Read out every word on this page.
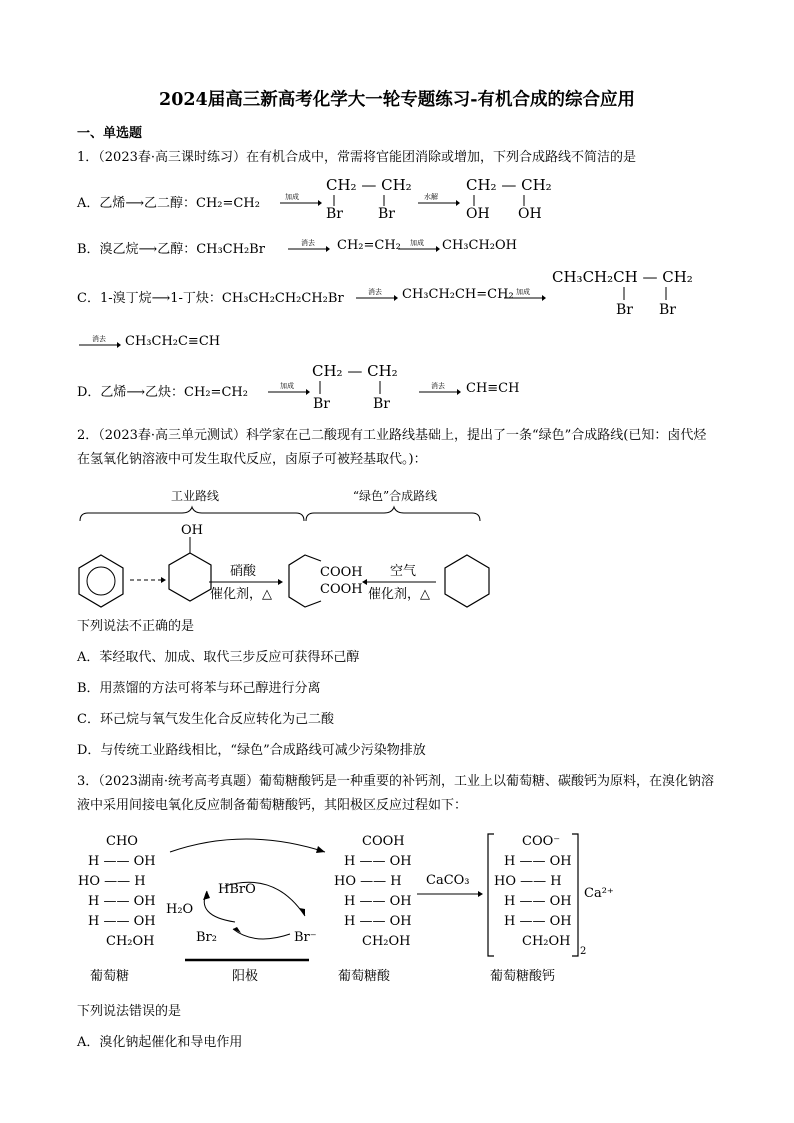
2024届高三新高考化学大一轮专题练习-有机合成的综合应用
一、单选题
1．（2023春·高三课时练习）在有机合成中，常需将官能团消除或增加，下列合成路线不简洁的是
A．乙烯⟶乙二醇：CH₂=CH₂	加成
CH₂ — CH₂
Br	Br
水解
CH₂ — CH₂
OH OH
B．溴乙烷⟶乙醇：CH₃CH₂Br	消去 CH₂=CH₂ 加成 CH₃CH₂OH
C．1-溴丁烷⟶1-丁炔：CH₃CH₂CH₂CH₂Br	消去 CH₃CH₂CH=CH₂ 加成
CH₃CH₂CH — CH₂
Br Br
消去 CH₃CH₂C≡CH
D．乙烯⟶乙炔：CH₂=CH₂	加成
CH₂ — CH₂
Br	Br
消去 CH≡CH
2．（2023春·高三单元测试）科学家在己二酸现有工业路线基础上，提出了一条“绿色”合成路线(已知：卤代烃在氢氧化钠溶液中可发生取代反应，卤原子可被羟基取代。)：
工业路线	“绿色”合成路线
OH
硝酸
催化剂，△
COOH
COOH
空气
催化剂，△
下列说法不正确的是
A．苯经取代、加成、取代三步反应可获得环己醇
B．用蒸馏的方法可将苯与环己醇进行分离
C．环己烷与氧气发生化合反应转化为己二酸
D．与传统工业路线相比，“绿色”合成路线可减少污染物排放
3．（2023湖南·统考高考真题）葡萄糖酸钙是一种重要的补钙剂，工业上以葡萄糖、碳酸钙为原料，在溴化钠溶液中采用间接电氧化反应制备葡萄糖酸钙，其阳极区反应过程如下：
CHO
H —— OH
HO —— H
H —— OH
H —— OH
CH₂OH
葡萄糖
HBrO
H₂O
Br₂	Br⁻
阳极
COOH
H —— OH
HO —— H
H —— OH
H —— OH
CH₂OH
葡萄糖酸
CaCO₃
COO⁻
H —— OH
HO —— H
H —— OH
H —— OH
CH₂OH
2
Ca²⁺
葡萄糖酸钙
下列说法错误的是
A．溴化钠起催化和导电作用
